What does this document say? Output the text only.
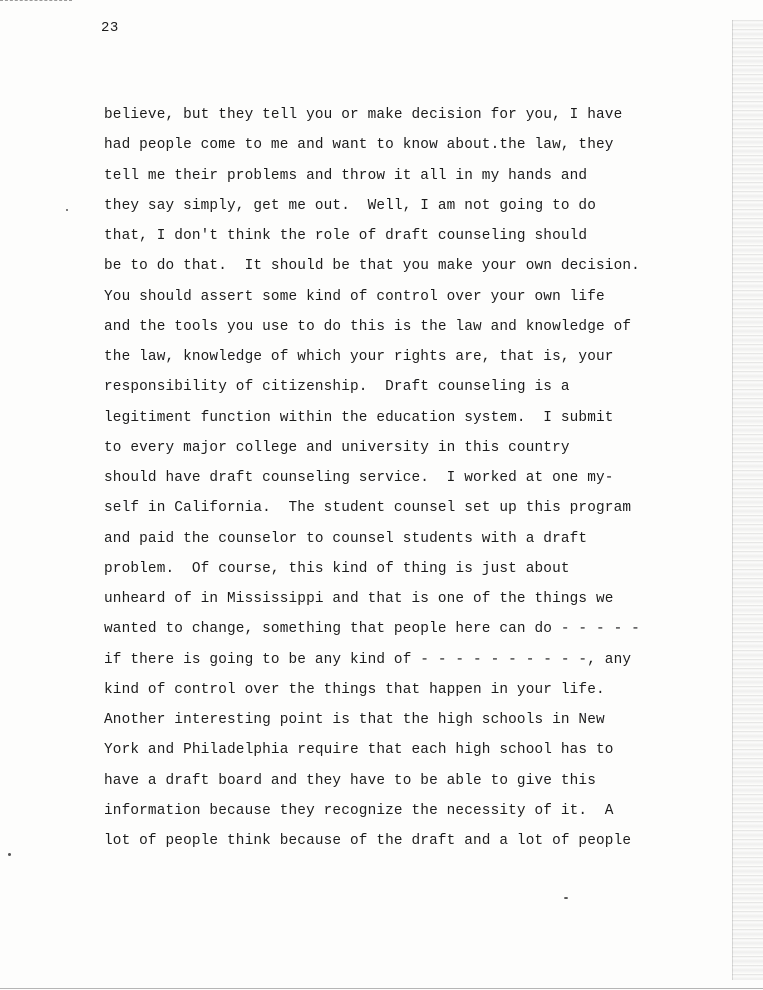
23
believe, but they tell you or make decision for you, I have
had people come to me and want to know about.the law, they
tell me their problems and throw it all in my hands and
they say simply, get me out.  Well, I am not going to do
that, I don't think the role of draft counseling should
be to do that.  It should be that you make your own decision.
You should assert some kind of control over your own life
and the tools you use to do this is the law and knowledge of
the law, knowledge of which your rights are, that is, your
responsibility of citizenship.  Draft counseling is a
legitiment function within the education system.  I submit
to every major college and university in this country
should have draft counseling service.  I worked at one my-
self in California.  The student counsel set up this program
and paid the counselor to counsel students with a draft
problem.  Of course, this kind of thing is just about
unheard of in Mississippi and that is one of the things we
wanted to change, something that people here can do - - - - -
if there is going to be any kind of - - - - - - - - - -, any
kind of control over the things that happen in your life.
Another interesting point is that the high schools in New
York and Philadelphia require that each high school has to
have a draft board and they have to be able to give this
information because they recognize the necessity of it.  A
lot of people think because of the draft and a lot of people
